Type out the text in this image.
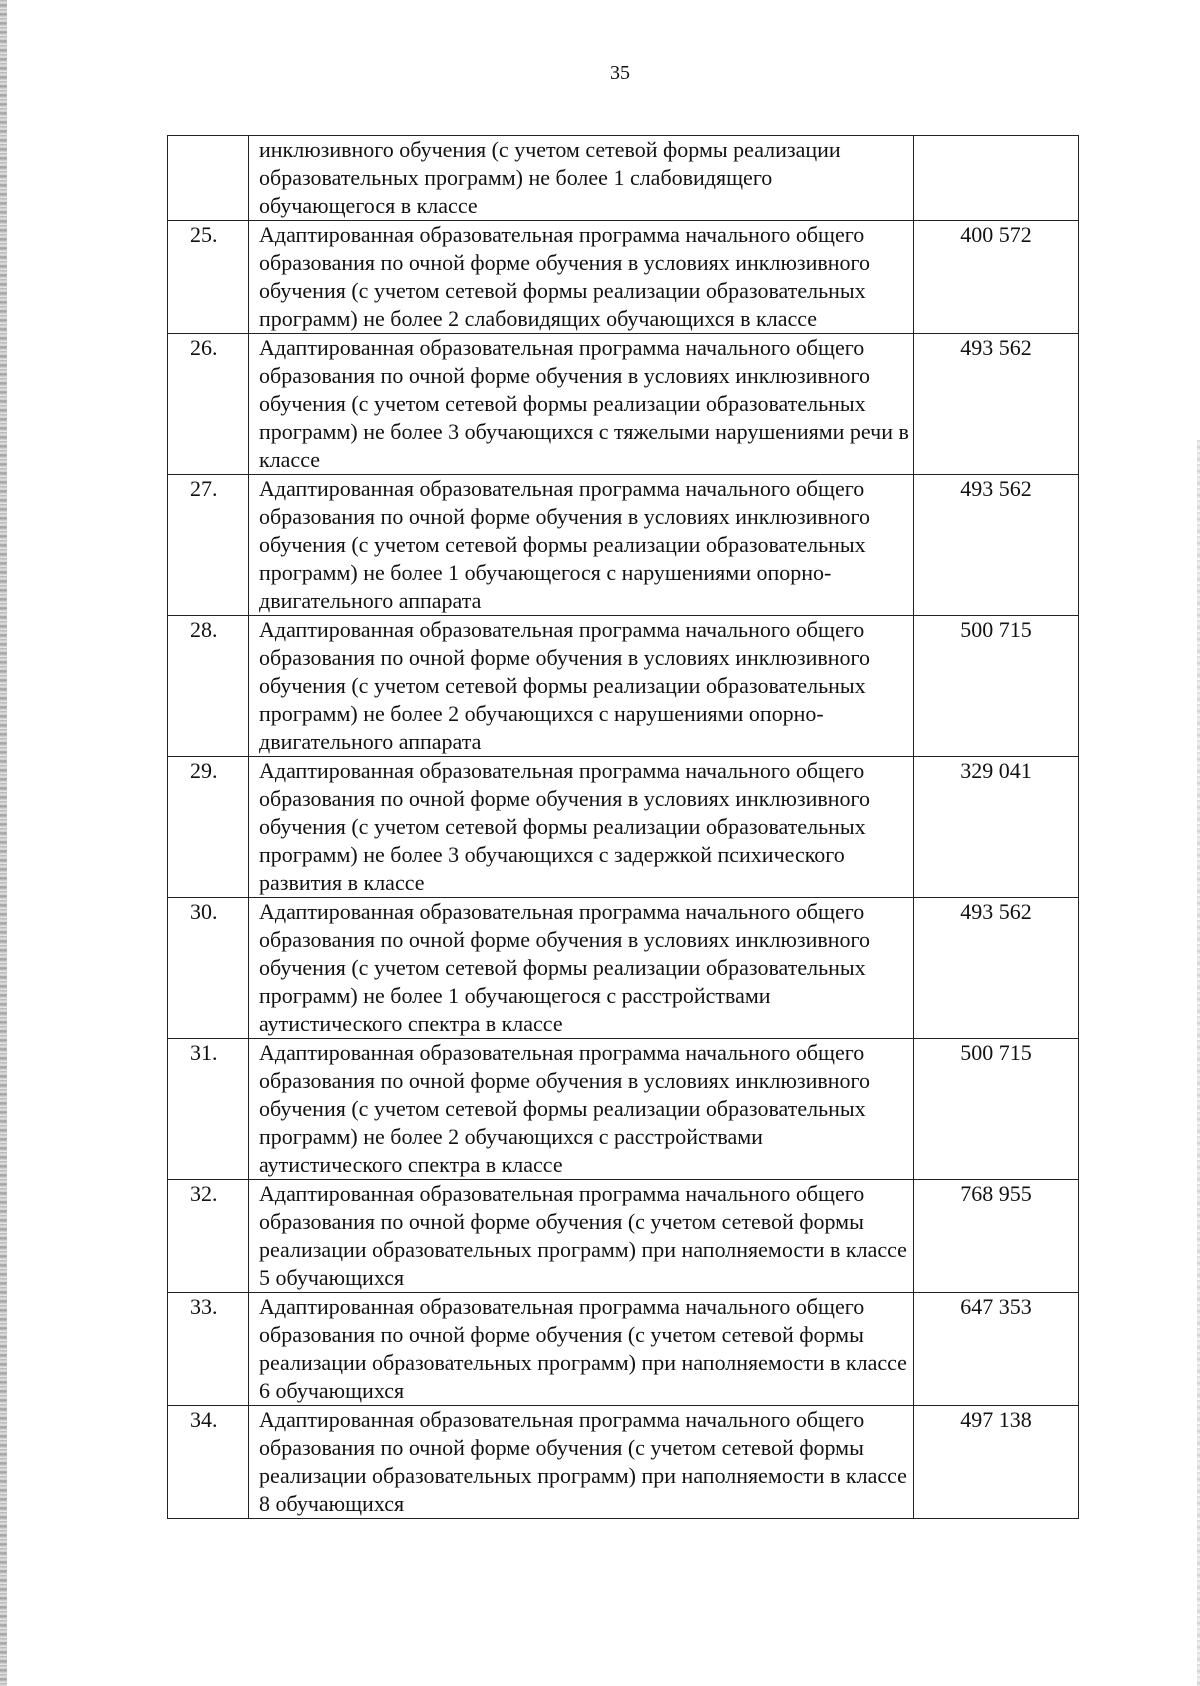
35
	инклюзивного обучения (с учетом сетевой формы реализации образовательных программ) не более 1 слабовидящего обучающегося в классе	
25.	Адаптированная образовательная программа начального общего образования по очной форме обучения в условиях инклюзивного обучения (с учетом сетевой формы реализации образовательных программ) не более 2 слабовидящих обучающихся в классе	400 572
26.	Адаптированная образовательная программа начального общего образования по очной форме обучения в условиях инклюзивного обучения (с учетом сетевой формы реализации образовательных программ) не более 3 обучающихся с тяжелыми нарушениями речи в классе	493 562
27.	Адаптированная образовательная программа начального общего образования по очной форме обучения в условиях инклюзивного обучения (с учетом сетевой формы реализации образовательных программ) не более 1 обучающегося с нарушениями опорно-двигательного аппарата	493 562
28.	Адаптированная образовательная программа начального общего образования по очной форме обучения в условиях инклюзивного обучения (с учетом сетевой формы реализации образовательных программ) не более 2 обучающихся с нарушениями опорно-двигательного аппарата	500 715
29.	Адаптированная образовательная программа начального общего образования по очной форме обучения в условиях инклюзивного обучения (с учетом сетевой формы реализации образовательных программ) не более 3 обучающихся с задержкой психического развития в классе	329 041
30.	Адаптированная образовательная программа начального общего образования по очной форме обучения в условиях инклюзивного обучения (с учетом сетевой формы реализации образовательных программ) не более 1 обучающегося с расстройствами аутистического спектра в классе	493 562
31.	Адаптированная образовательная программа начального общего образования по очной форме обучения в условиях инклюзивного обучения (с учетом сетевой формы реализации образовательных программ) не более 2 обучающихся с расстройствами аутистического спектра в классе	500 715
32.	Адаптированная образовательная программа начального общего образования по очной форме обучения (с учетом сетевой формы реализации образовательных программ) при наполняемости в классе 5 обучающихся	768 955
33.	Адаптированная образовательная программа начального общего образования по очной форме обучения (с учетом сетевой формы реализации образовательных программ) при наполняемости в классе 6 обучающихся	647 353
34.	Адаптированная образовательная программа начального общего образования по очной форме обучения (с учетом сетевой формы реализации образовательных программ) при наполняемости в классе 8 обучающихся	497 138
